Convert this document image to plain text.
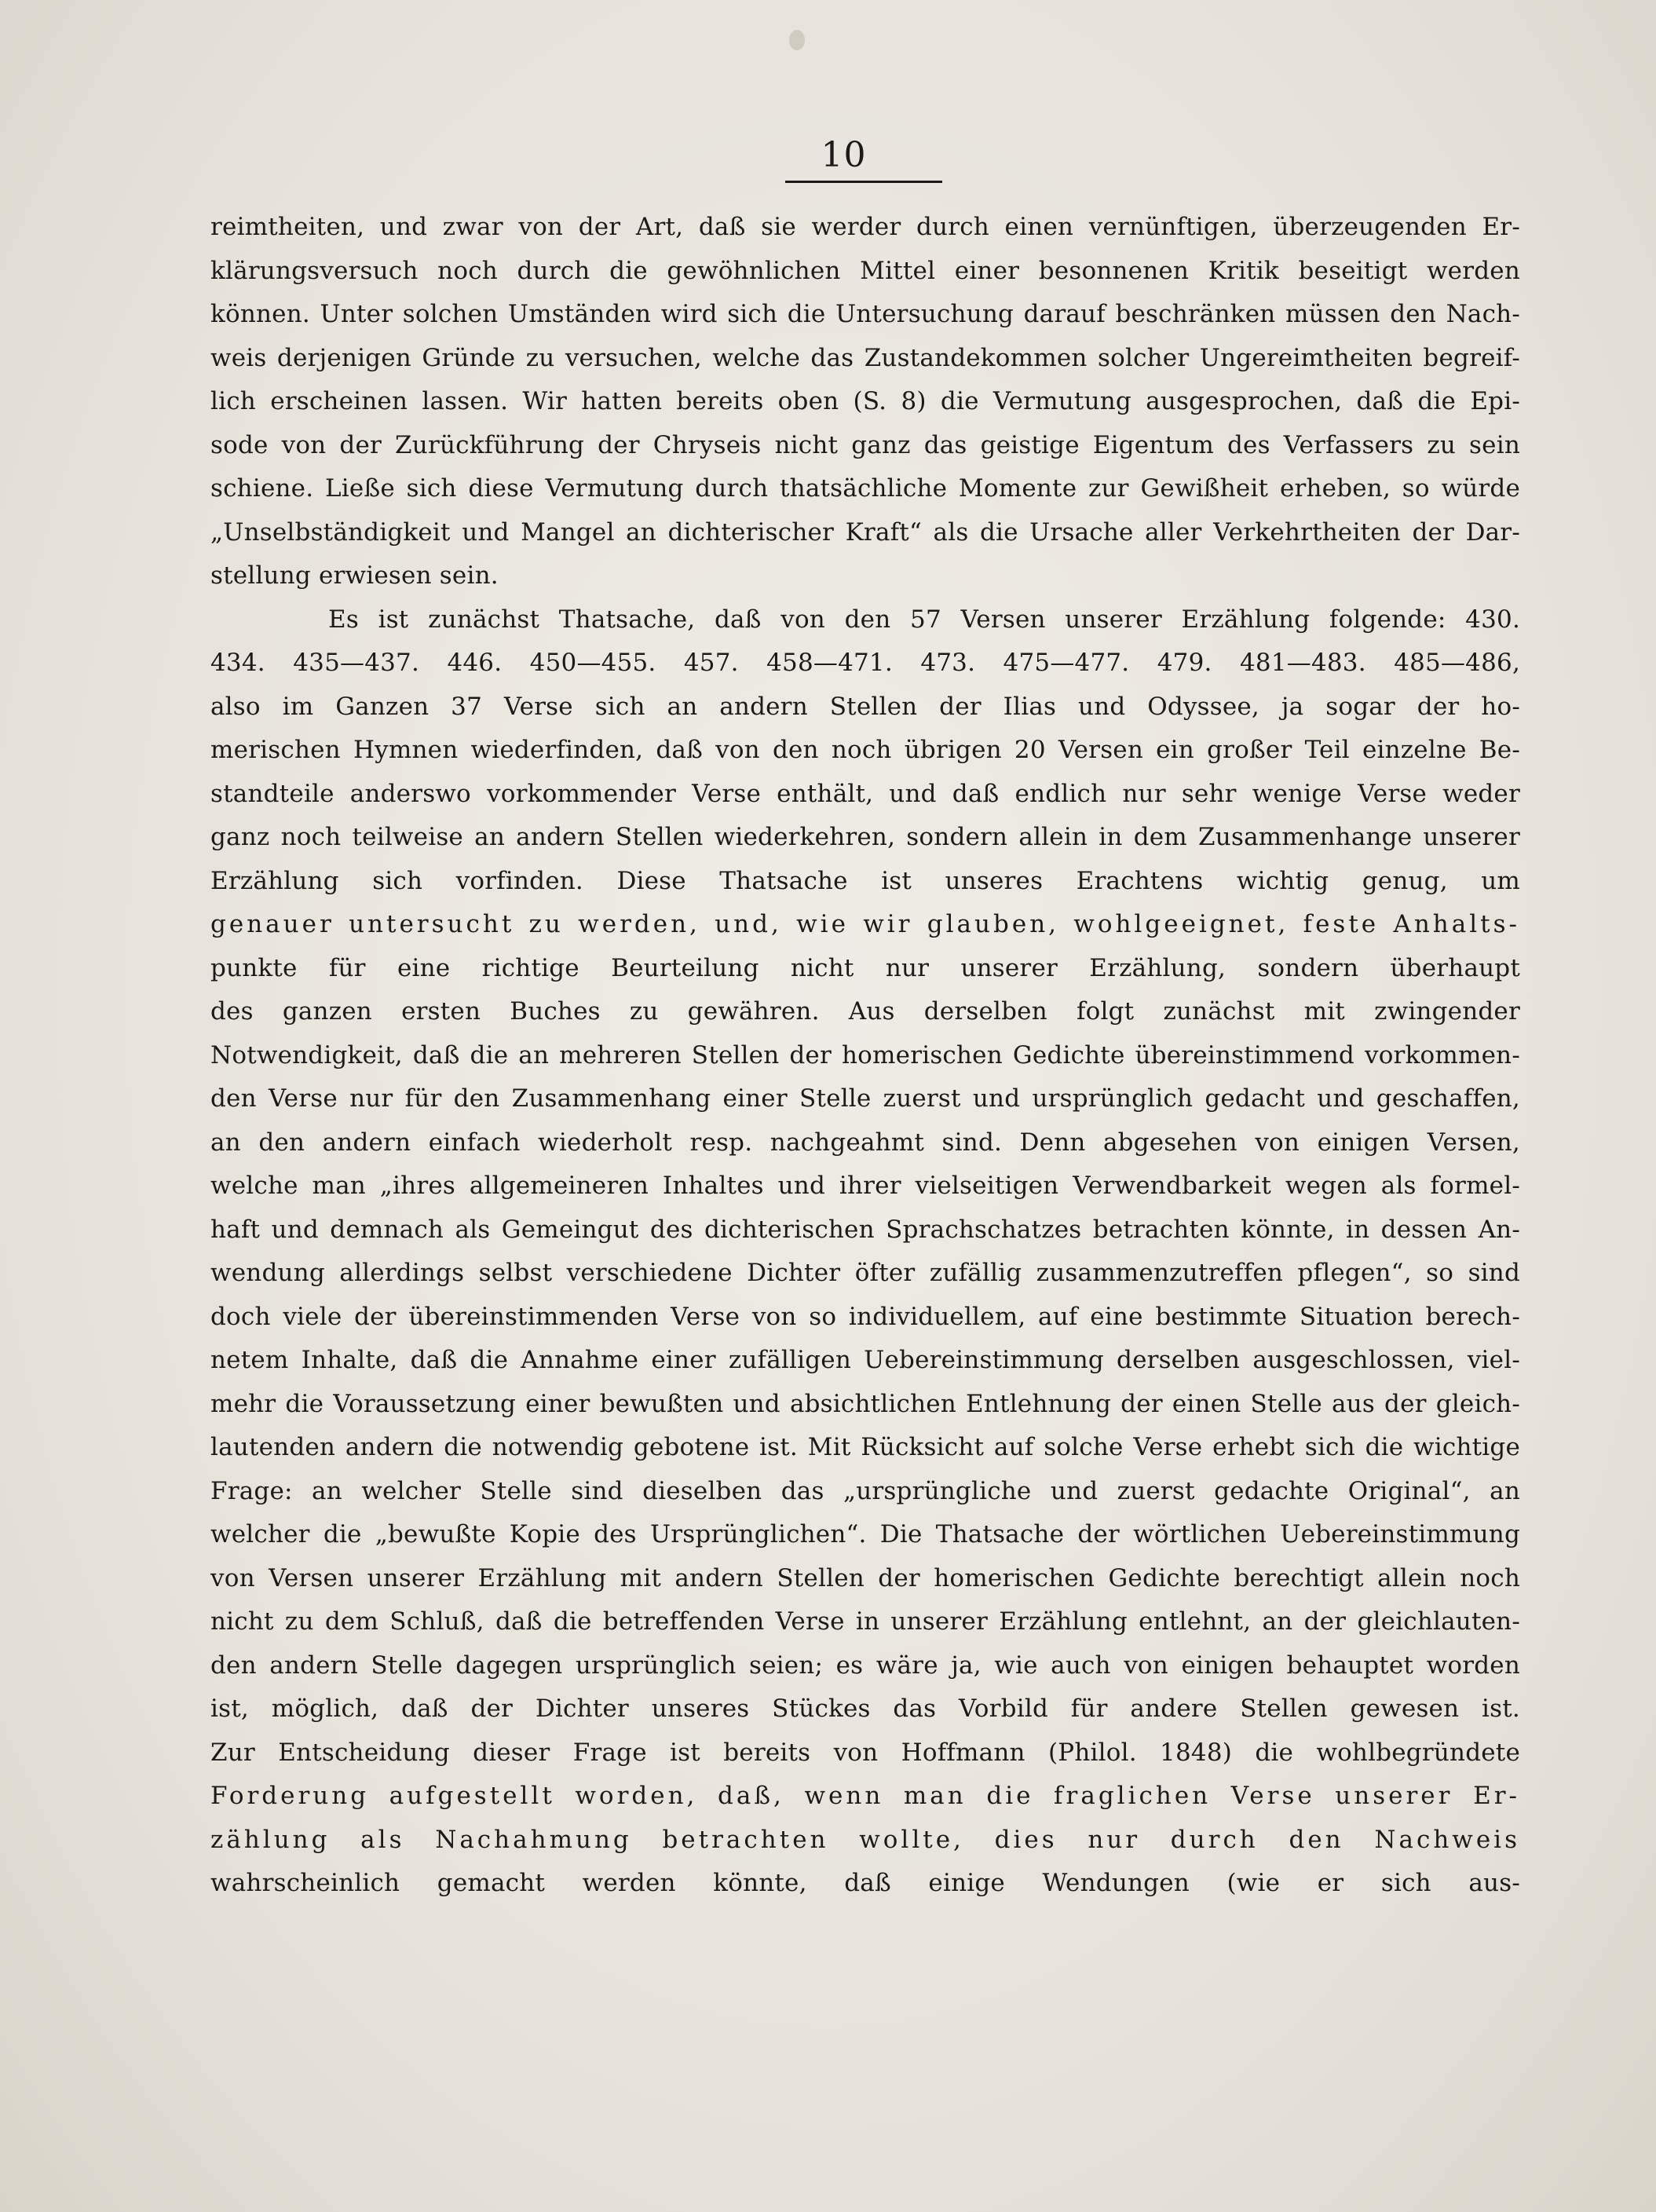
10
reimtheiten, und zwar von der Art, daß sie werder durch einen vernünftigen, überzeugenden Er-
klärungsversuch noch durch die gewöhnlichen Mittel einer besonnenen Kritik beseitigt werden
können. Unter solchen Umständen wird sich die Untersuchung darauf beschränken müssen den Nach-
weis derjenigen Gründe zu versuchen, welche das Zustandekommen solcher Ungereimtheiten begreif-
lich erscheinen lassen. Wir hatten bereits oben (S. 8) die Vermutung ausgesprochen, daß die Epi-
sode von der Zurückführung der Chryseis nicht ganz das geistige Eigentum des Verfassers zu sein
schiene. Ließe sich diese Vermutung durch thatsächliche Momente zur Gewißheit erheben, so würde
„Unselbständigkeit und Mangel an dichterischer Kraft“ als die Ursache aller Verkehrtheiten der Dar-
stellung erwiesen sein.
Es ist zunächst Thatsache, daß von den 57 Versen unserer Erzählung folgende: 430.
434. 435—437. 446. 450—455. 457. 458—471. 473. 475—477. 479. 481—483. 485—486,
also im Ganzen 37 Verse sich an andern Stellen der Ilias und Odyssee, ja sogar der ho-
merischen Hymnen wiederfinden, daß von den noch übrigen 20 Versen ein großer Teil einzelne Be-
standteile anderswo vorkommender Verse enthält, und daß endlich nur sehr wenige Verse weder
ganz noch teilweise an andern Stellen wiederkehren, sondern allein in dem Zusammenhange unserer
Erzählung sich vorfinden. Diese Thatsache ist unseres Erachtens wichtig genug, um
genauer untersucht zu werden, und, wie wir glauben, wohlgeeignet, feste Anhalts-
punkte für eine richtige Beurteilung nicht nur unserer Erzählung, sondern überhaupt
des ganzen ersten Buches zu gewähren. Aus derselben folgt zunächst mit zwingender
Notwendigkeit, daß die an mehreren Stellen der homerischen Gedichte übereinstimmend vorkommen-
den Verse nur für den Zusammenhang einer Stelle zuerst und ursprünglich gedacht und geschaffen,
an den andern einfach wiederholt resp. nachgeahmt sind. Denn abgesehen von einigen Versen,
welche man „ihres allgemeineren Inhaltes und ihrer vielseitigen Verwendbarkeit wegen als formel-
haft und demnach als Gemeingut des dichterischen Sprachschatzes betrachten könnte, in dessen An-
wendung allerdings selbst verschiedene Dichter öfter zufällig zusammenzutreffen pflegen“, so sind
doch viele der übereinstimmenden Verse von so individuellem, auf eine bestimmte Situation berech-
netem Inhalte, daß die Annahme einer zufälligen Uebereinstimmung derselben ausgeschlossen, viel-
mehr die Voraussetzung einer bewußten und absichtlichen Entlehnung der einen Stelle aus der gleich-
lautenden andern die notwendig gebotene ist. Mit Rücksicht auf solche Verse erhebt sich die wichtige
Frage: an welcher Stelle sind dieselben das „ursprüngliche und zuerst gedachte Original“, an
welcher die „bewußte Kopie des Ursprünglichen“. Die Thatsache der wörtlichen Uebereinstimmung
von Versen unserer Erzählung mit andern Stellen der homerischen Gedichte berechtigt allein noch
nicht zu dem Schluß, daß die betreffenden Verse in unserer Erzählung entlehnt, an der gleichlauten-
den andern Stelle dagegen ursprünglich seien; es wäre ja, wie auch von einigen behauptet worden
ist, möglich, daß der Dichter unseres Stückes das Vorbild für andere Stellen gewesen ist.
Zur Entscheidung dieser Frage ist bereits von Hoffmann (Philol. 1848) die wohlbegründete
Forderung aufgestellt worden, daß, wenn man die fraglichen Verse unserer Er-
zählung als Nachahmung betrachten wollte, dies nur durch den Nachweis
wahrscheinlich gemacht werden könnte, daß einige Wendungen (wie er sich aus-
